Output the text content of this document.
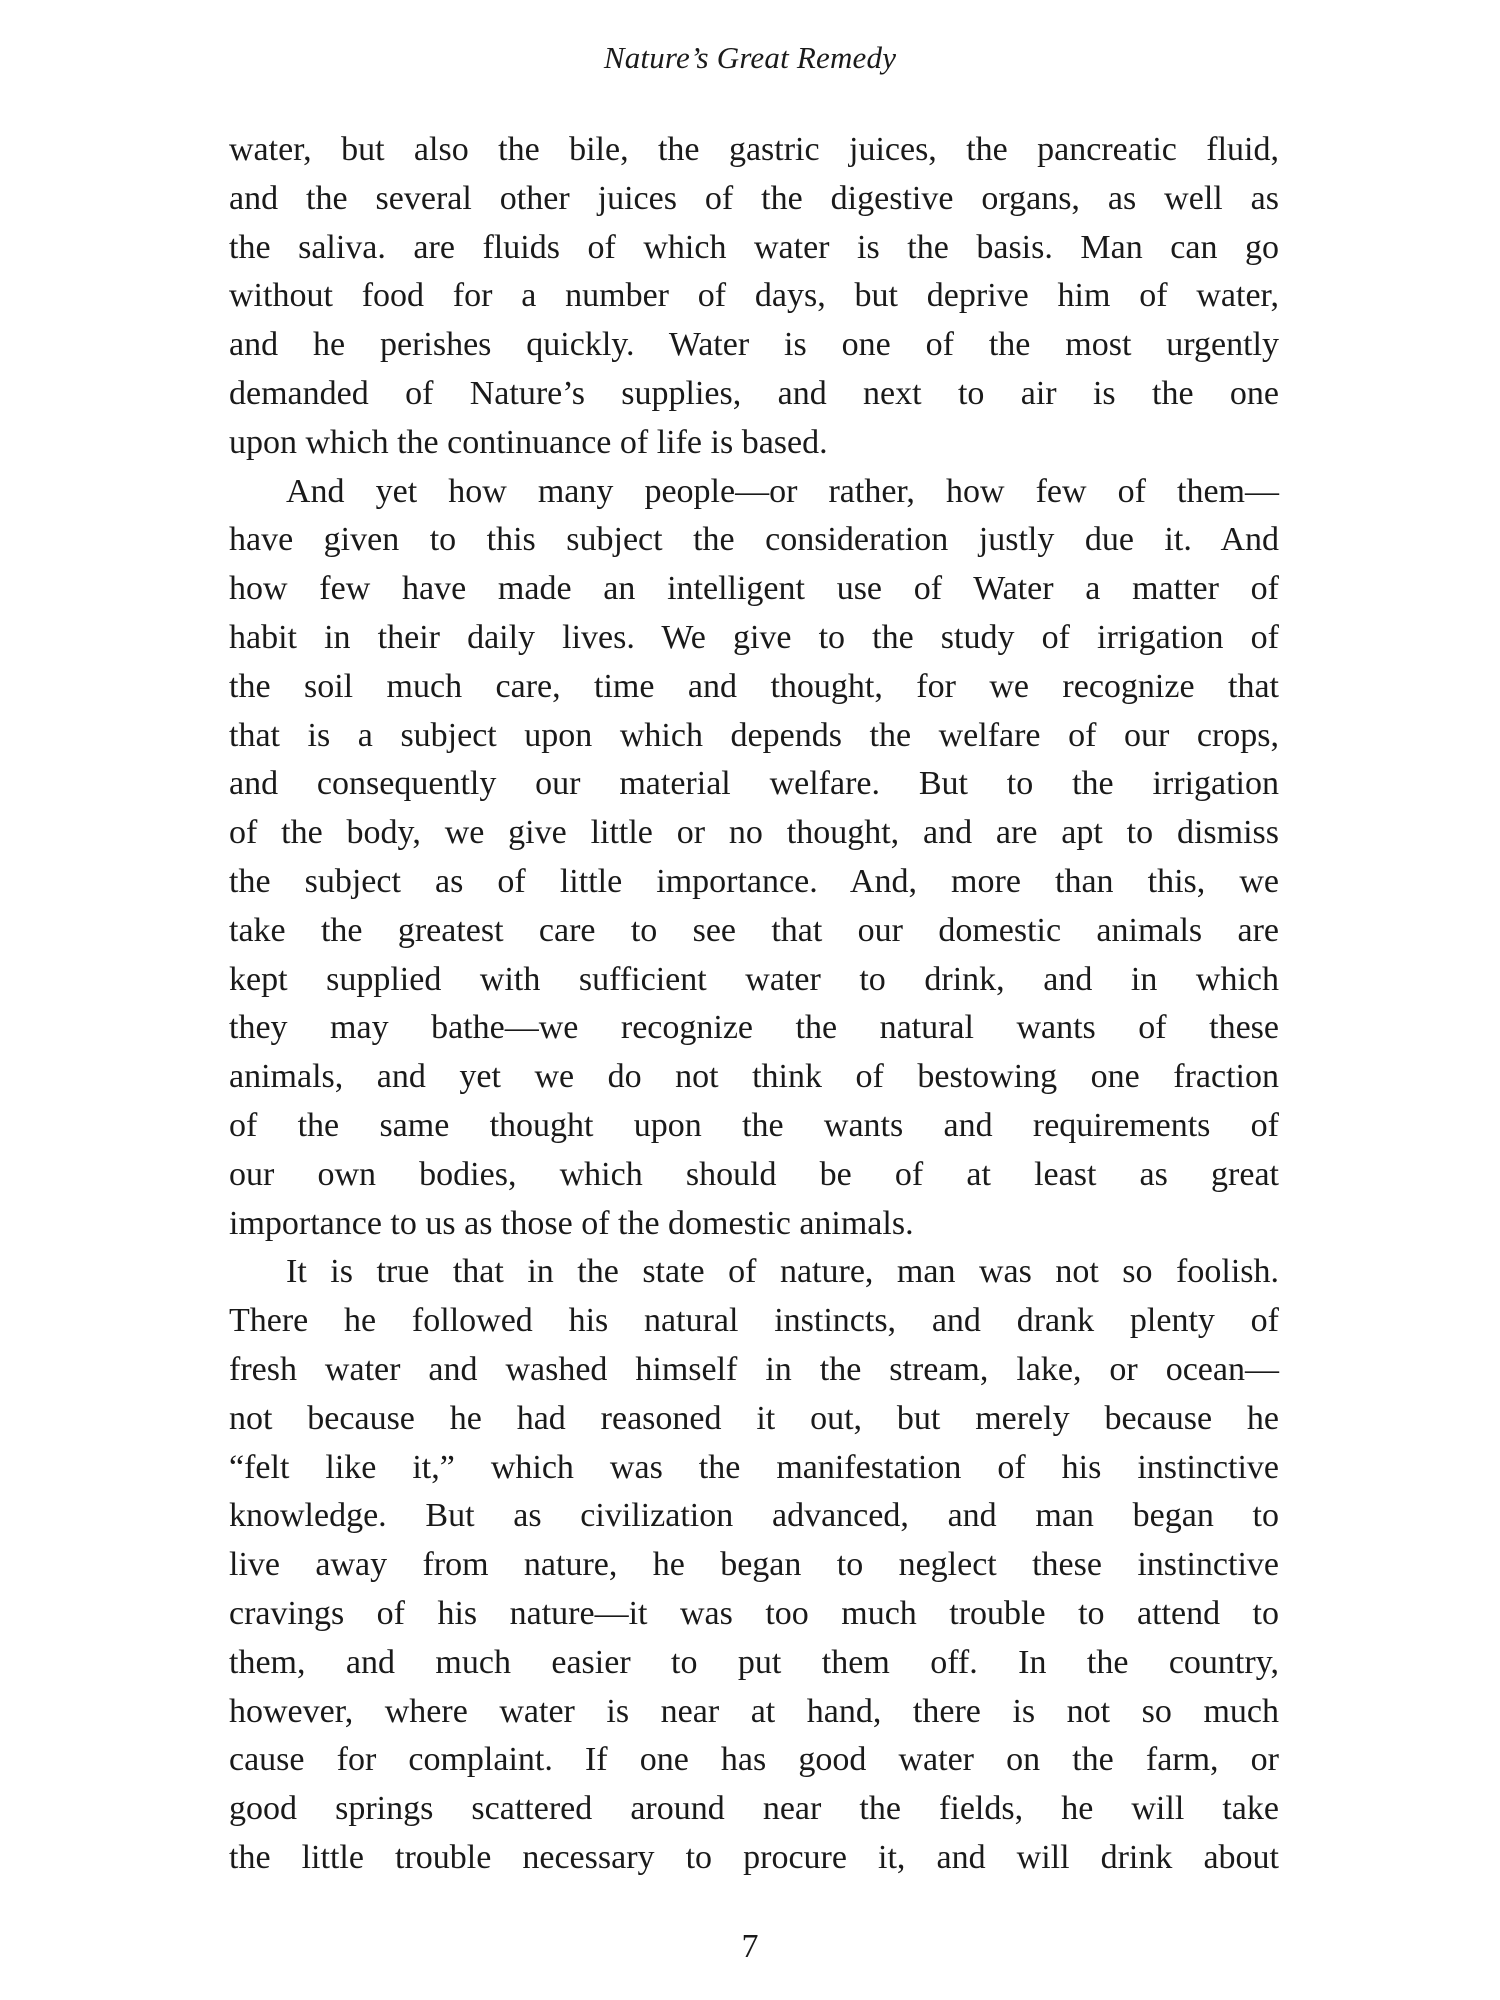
Nature’s Great Remedy
water, but also the bile, the gastric juices, the pancreatic fluid,
and the several other juices of the digestive organs, as well as
the saliva. are fluids of which water is the basis. Man can go
without food for a number of days, but deprive him of water,
and he perishes quickly. Water is one of the most urgently
demanded of Nature’s supplies, and next to air is the one
upon which the continuance of life is based.
And yet how many people—or rather, how few of them—
have given to this subject the consideration justly due it. And
how few have made an intelligent use of Water a matter of
habit in their daily lives. We give to the study of irrigation of
the soil much care, time and thought, for we recognize that
that is a subject upon which depends the welfare of our crops,
and consequently our material welfare. But to the irrigation
of the body, we give little or no thought, and are apt to dismiss
the subject as of little importance. And, more than this, we
take the greatest care to see that our domestic animals are
kept supplied with sufficient water to drink, and in which
they may bathe—we recognize the natural wants of these
animals, and yet we do not think of bestowing one fraction
of the same thought upon the wants and requirements of
our own bodies, which should be of at least as great
importance to us as those of the domestic animals.
It is true that in the state of nature, man was not so foolish.
There he followed his natural instincts, and drank plenty of
fresh water and washed himself in the stream, lake, or ocean—
not because he had reasoned it out, but merely because he
“felt like it,” which was the manifestation of his instinctive
knowledge. But as civilization advanced, and man began to
live away from nature, he began to neglect these instinctive
cravings of his nature—it was too much trouble to attend to
them, and much easier to put them off. In the country,
however, where water is near at hand, there is not so much
cause for complaint. If one has good water on the farm, or
good springs scattered around near the fields, he will take
the little trouble necessary to procure it, and will drink about
7
